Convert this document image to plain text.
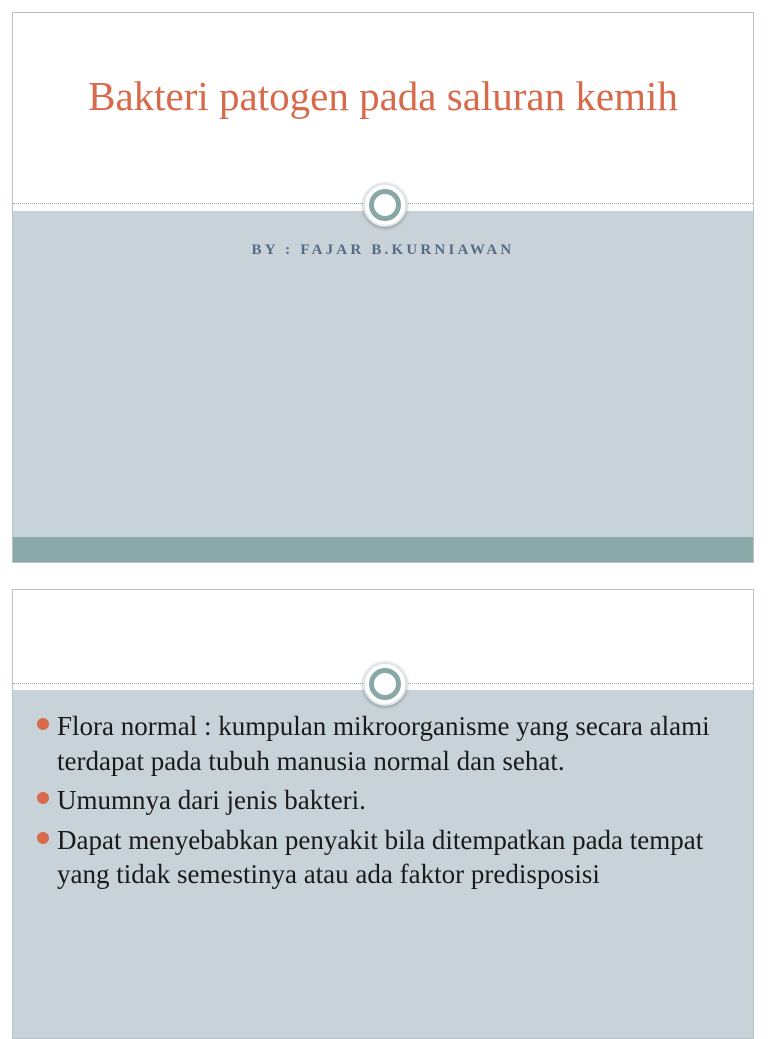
Bakteri patogen pada saluran kemih
BY : FAJAR B.KURNIAWAN
Flora normal : kumpulan mikroorganisme yang secara alami terdapat pada tubuh manusia normal dan sehat.
Umumnya dari jenis bakteri.
Dapat menyebabkan penyakit bila ditempatkan pada tempat yang tidak semestinya atau ada faktor predisposisi
